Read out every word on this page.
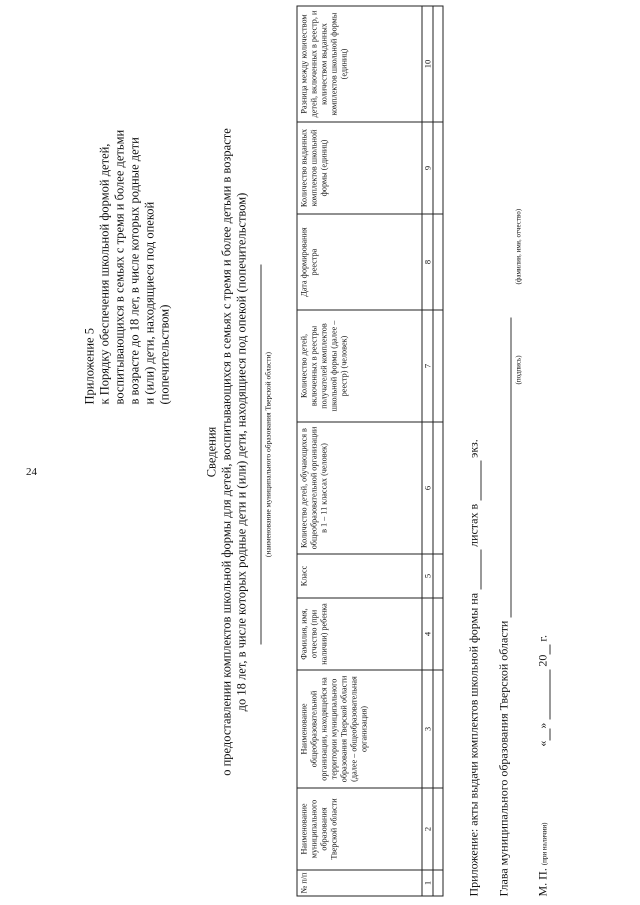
24
Приложение 5 к Порядку обеспечения школьной формой детей, воспитывающихся в семьях с тремя и более детьми в возрасте до 18 лет, в числе которых родные дети и (или) дети, находящиеся под опекой (попечительством)
Сведения о предоставлении комплектов школьной формы для детей, воспитывающихся в семьях с тремя и более детьми в возрасте до 18 лет, в числе которых родные дети и (или) дети, находящиеся под опекой (попечительством) (наименование муниципального образования Тверской области)
№ п/п	Наименование муниципального образования Тверской области	Наименование общеобразовательной организации, находящейся на территории муниципального образования Тверской области (далее – общеобразовательная организация)	Фамилия, имя, отчество (при наличии) ребенка	Класс	Количество детей, обучающихся в общеобразовательной организации в 1 – 11 классах (человек)	Количество детей, включенных в реестры получателей комплектов школьной формы (далее – реестр) (человек)	Дата формирования реестра	Количество выданных комплектов школьной формы (единиц)	Разница между количеством детей, включенных в реестр, и количеством выданных комплектов школьной формы (единиц)
1	2	3	4	5	6	7	8	9	10

Приложение: акты выдачи комплектов школьной формы на  листах в  экз.
Глава муниципального образования Тверской области
(подпись)
(фамилия, имя, отчество)
М. П. (при наличии)  «»  20 г.
